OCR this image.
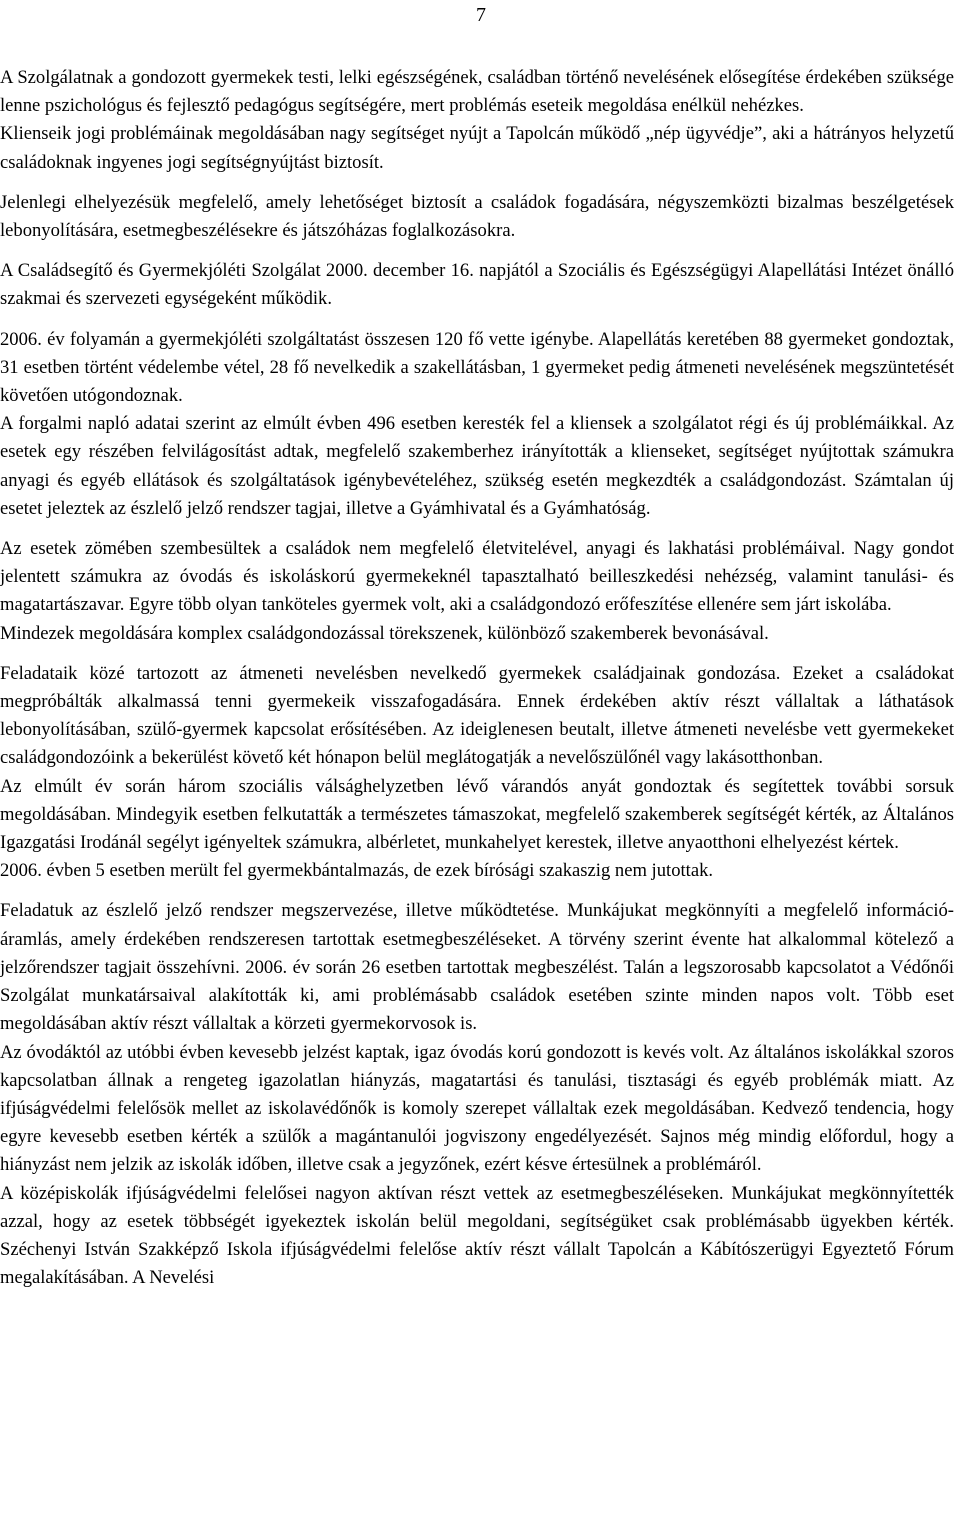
7

A Szolgálatnak a gondozott gyermekek testi, lelki egészségének, családban történő nevelésének elősegítése érdekében szüksége lenne pszichológus és fejlesztő pedagógus segítségére, mert problémás eseteik megoldása enélkül nehézkes.

Klienseik jogi problémáinak megoldásában nagy segítséget nyújt a Tapolcán működő „nép ügyvédje”, aki a hátrányos helyzetű családoknak ingyenes jogi segítségnyújtást biztosít.

Jelenlegi elhelyezésük megfelelő, amely lehetőséget biztosít a családok fogadására, négyszemközti bizalmas beszélgetések lebonyolítására, esetmegbeszélésekre és játszóházas foglalkozásokra.

A Családsegítő és Gyermekjóléti Szolgálat 2000. december 16. napjától a Szociális és Egészségügyi Alapellátási Intézet önálló szakmai és szervezeti egységeként működik.

2006. év folyamán a gyermekjóléti szolgáltatást összesen 120 fő vette igénybe. Alapellátás keretében 88 gyermeket gondoztak, 31 esetben történt védelembe vétel, 28 fő nevelkedik a szakellátásban, 1 gyermeket pedig átmeneti nevelésének megszüntetését követően utógondoznak.

A forgalmi napló adatai szerint az elmúlt évben 496 esetben keresték fel a kliensek a szolgálatot régi és új problémáikkal. Az esetek egy részében felvilágosítást adtak, megfelelő szakemberhez irányították a klienseket, segítséget nyújtottak számukra anyagi és egyéb ellátások és szolgáltatások igénybevételéhez, szükség esetén megkezdték a családgondozást. Számtalan új esetet jeleztek az észlelő jelző rendszer tagjai, illetve a Gyámhivatal és a Gyámhatóság.

Az esetek zömében szembesültek a családok nem megfelelő életvitelével, anyagi és lakhatási problémáival. Nagy gondot jelentett számukra az óvodás és iskoláskorú gyermekeknél tapasztalható beilleszkedési nehézség, valamint tanulási- és magatartászavar. Egyre több olyan tanköteles gyermek volt, aki a családgondozó erőfeszítése ellenére sem járt iskolába.

Mindezek megoldására komplex családgondozással törekszenek, különböző szakemberek bevonásával.

Feladataik közé tartozott az átmeneti nevelésben nevelkedő gyermekek családjainak gondozása. Ezeket a családokat megpróbálták alkalmassá tenni gyermekeik visszafogadására. Ennek érdekében aktív részt vállaltak a láthatások lebonyolításában, szülő-gyermek kapcsolat erősítésében. Az ideiglenesen beutalt, illetve átmeneti nevelésbe vett gyermekeket családgondozóink a bekerülést követő két hónapon belül meglátogatják a nevelőszülőnél vagy lakásotthonban.

Az elmúlt év során három szociális válsághelyzetben lévő várandós anyát gondoztak és segítettek további sorsuk megoldásában. Mindegyik esetben felkutatták a természetes támaszokat, megfelelő szakemberek segítségét kérték, az Általános Igazgatási Irodánál segélyt igényeltek számukra, albérletet, munkahelyet kerestek, illetve anyaotthoni elhelyezést kértek.

2006. évben 5 esetben merült fel gyermekbántalmazás, de ezek bírósági szakaszig nem jutottak.

Feladatuk az észlelő jelző rendszer megszervezése, illetve működtetése. Munkájukat megkönnyíti a megfelelő információ-áramlás, amely érdekében rendszeresen tartottak esetmegbeszéléseket. A törvény szerint évente hat alkalommal kötelező a jelzőrendszer tagjait összehívni. 2006. év során 26 esetben tartottak megbeszélést. Talán a legszorosabb kapcsolatot a Védőnői Szolgálat munkatársaival alakították ki, ami problémásabb családok esetében szinte minden napos volt. Több eset megoldásában aktív részt vállaltak a körzeti gyermekorvosok is.

Az óvodáktól az utóbbi évben kevesebb jelzést kaptak, igaz óvodás korú gondozott is kevés volt. Az általános iskolákkal szoros kapcsolatban állnak a rengeteg igazolatlan hiányzás, magatartási és tanulási, tisztasági és egyéb problémák miatt. Az ifjúságvédelmi felelősök mellet az iskolavédőnők is komoly szerepet vállaltak ezek megoldásában. Kedvező tendencia, hogy egyre kevesebb esetben kérték a szülők a magántanulói jogviszony engedélyezését. Sajnos még mindig előfordul, hogy a hiányzást nem jelzik az iskolák időben, illetve csak a jegyzőnek, ezért késve értesülnek a problémáról.

A középiskolák ifjúságvédelmi felelősei nagyon aktívan részt vettek az esetmegbeszéléseken. Munkájukat megkönnyítették azzal, hogy az esetek többségét igyekeztek iskolán belül megoldani, segítségüket csak problémásabb ügyekben kérték. Széchenyi István Szakképző Iskola ifjúságvédelmi felelőse aktív részt vállalt Tapolcán a Kábítószerügyi Egyeztető Fórum megalakításában. A Nevelési
